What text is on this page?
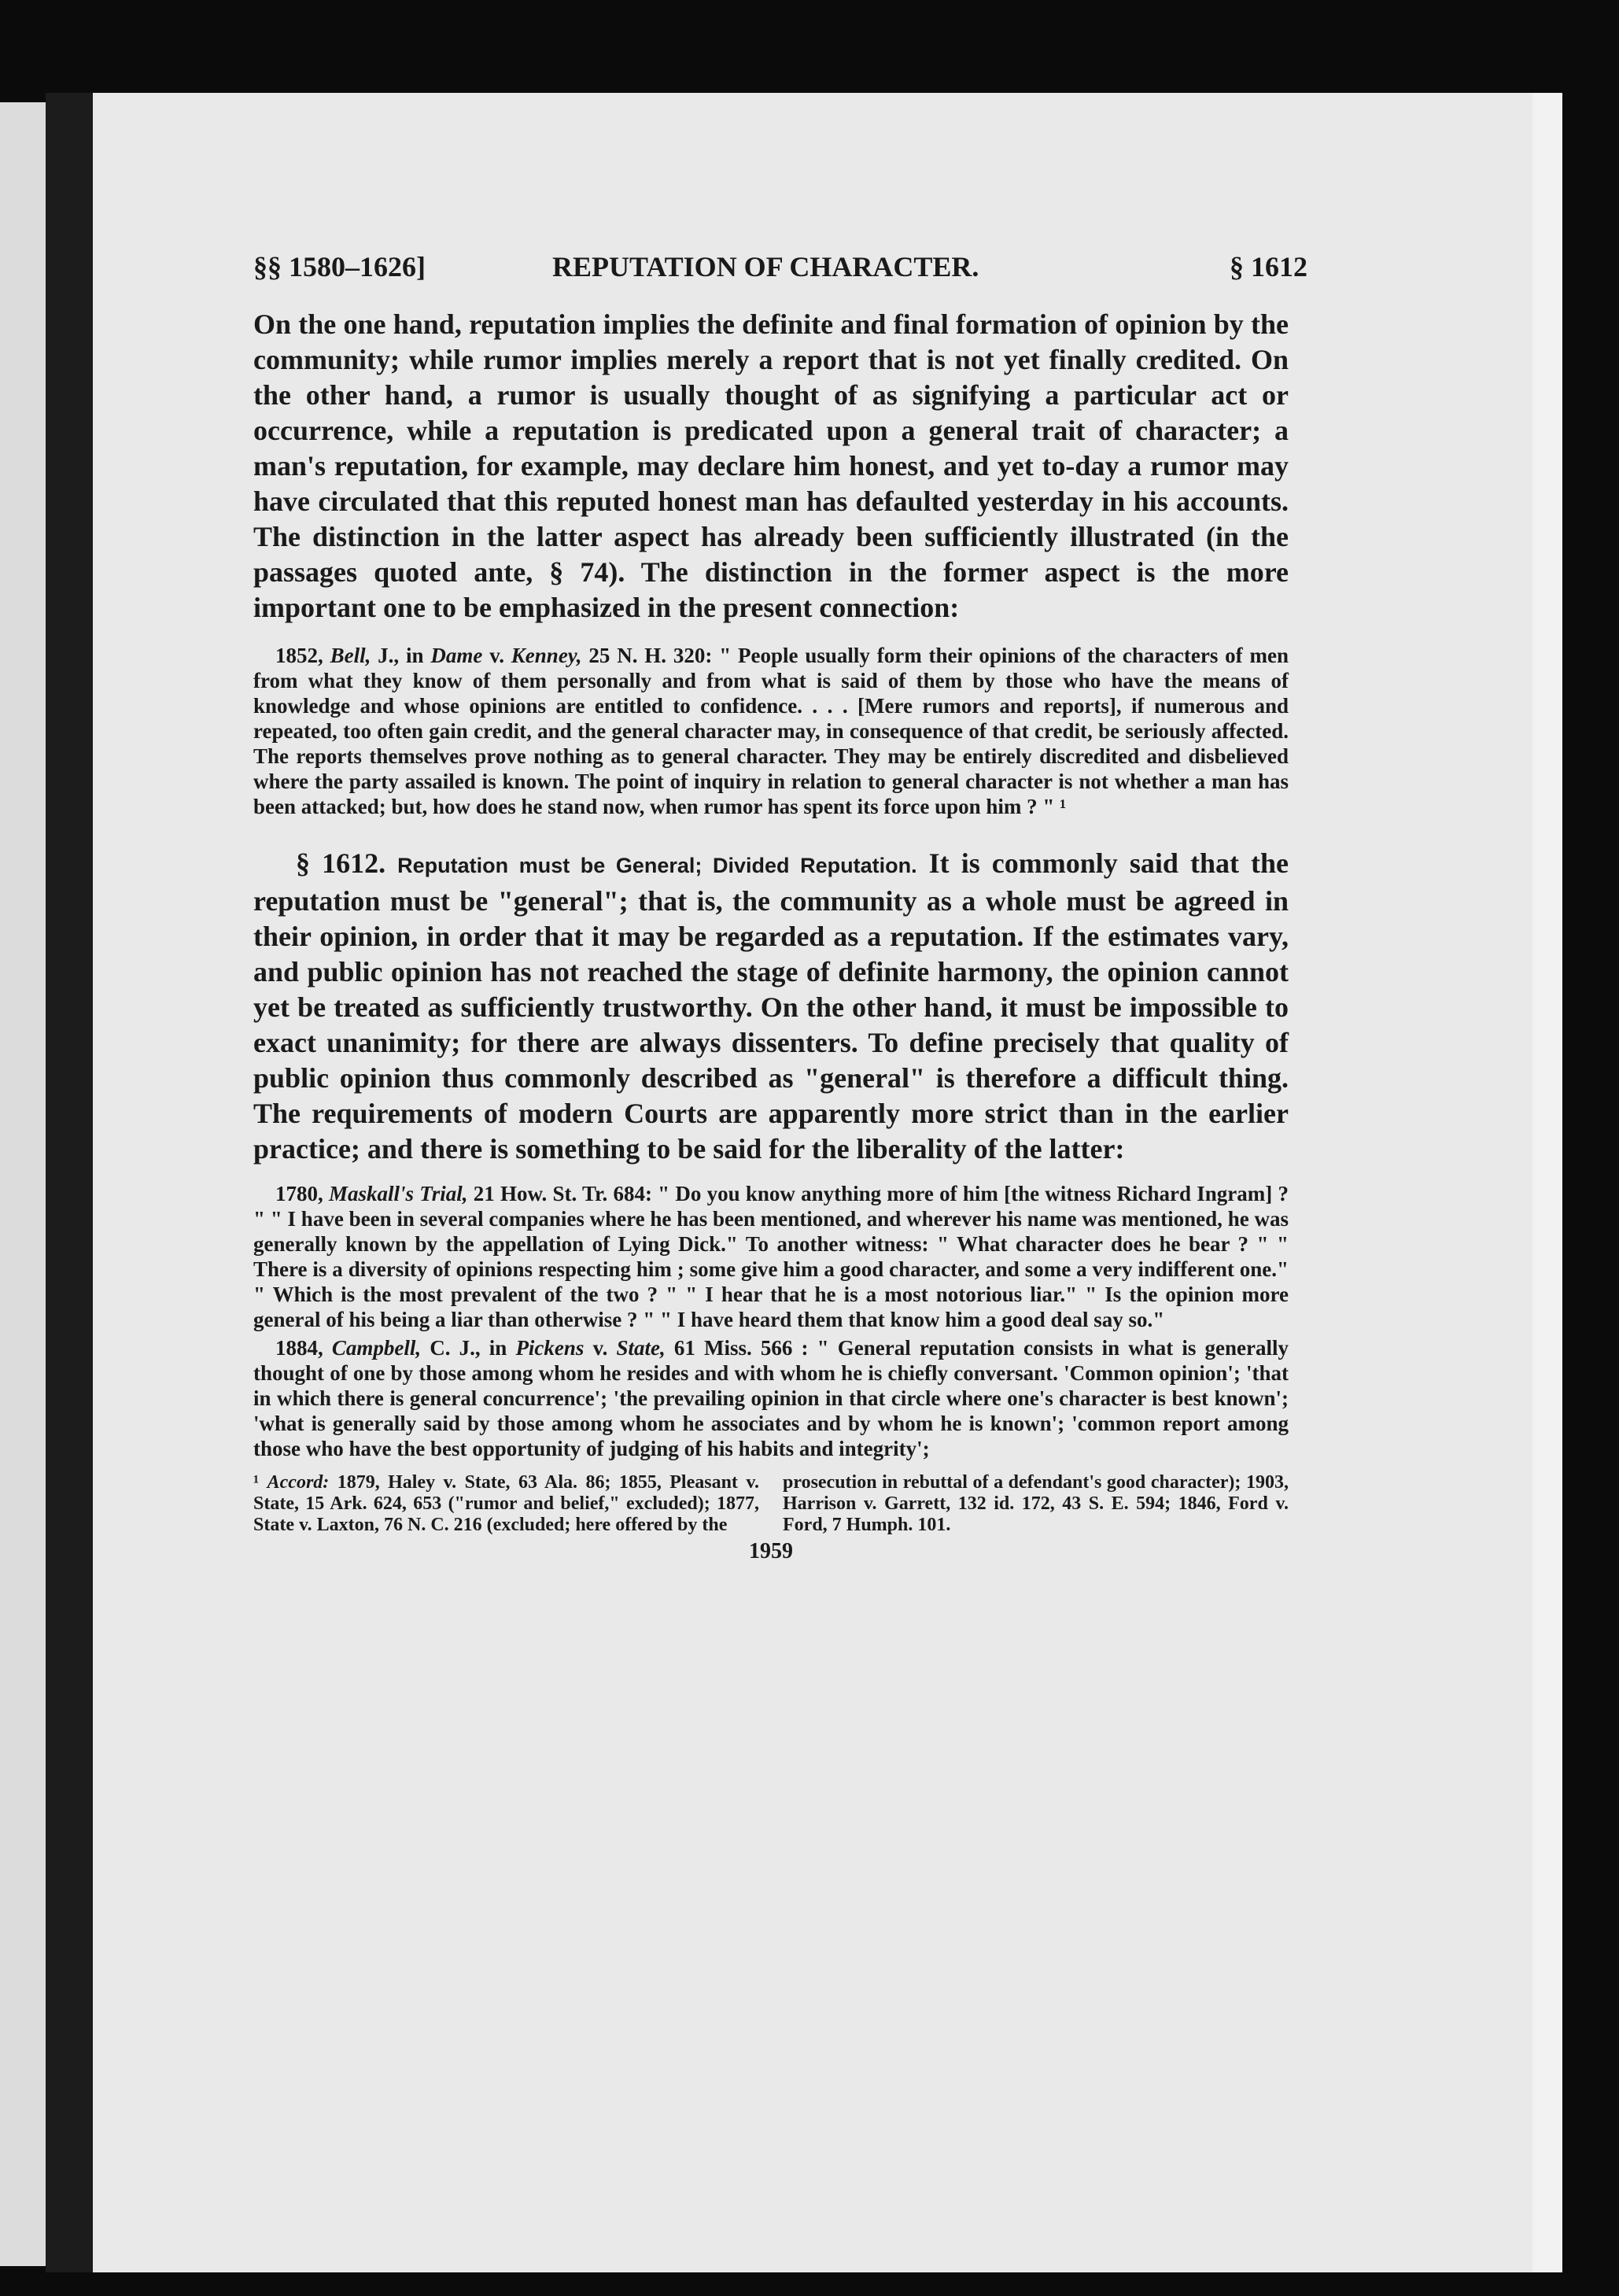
§§ 1580–1626]	REPUTATION OF CHARACTER.	§ 1612

On the one hand, reputation implies the definite and final formation of opinion by the community; while rumor implies merely a report that is not yet finally credited. On the other hand, a rumor is usually thought of as signifying a particular act or occurrence, while a reputation is predicated upon a general trait of character; a man's reputation, for example, may declare him honest, and yet to-day a rumor may have circulated that this reputed honest man has defaulted yesterday in his accounts. The distinction in the latter aspect has already been sufficiently illustrated (in the passages quoted ante, § 74). The distinction in the former aspect is the more important one to be emphasized in the present connection:

1852, Bell, J., in Dame v. Kenney, 25 N. H. 320: " People usually form their opinions of the characters of men from what they know of them personally and from what is said of them by those who have the means of knowledge and whose opinions are entitled to confidence. . . . [Mere rumors and reports], if numerous and repeated, too often gain credit, and the general character may, in consequence of that credit, be seriously affected. The reports themselves prove nothing as to general character. They may be entirely discredited and disbelieved where the party assailed is known. The point of inquiry in relation to general character is not whether a man has been attacked; but, how does he stand now, when rumor has spent its force upon him ? " ¹

§ 1612. Reputation must be General; Divided Reputation. It is commonly said that the reputation must be "general"; that is, the community as a whole must be agreed in their opinion, in order that it may be regarded as a reputation. If the estimates vary, and public opinion has not reached the stage of definite harmony, the opinion cannot yet be treated as sufficiently trustworthy. On the other hand, it must be impossible to exact unanimity; for there are always dissenters. To define precisely that quality of public opinion thus commonly described as "general" is therefore a difficult thing. The requirements of modern Courts are apparently more strict than in the earlier practice; and there is something to be said for the liberality of the latter:

1780, Maskall's Trial, 21 How. St. Tr. 684: " Do you know anything more of him [the witness Richard Ingram] ? " " I have been in several companies where he has been mentioned, and wherever his name was mentioned, he was generally known by the appellation of Lying Dick." To another witness: " What character does he bear ? " " There is a diversity of opinions respecting him ; some give him a good character, and some a very indifferent one." " Which is the most prevalent of the two ? " " I hear that he is a most notorious liar." " Is the opinion more general of his being a liar than otherwise ? " " I have heard them that know him a good deal say so."

1884, Campbell, C. J., in Pickens v. State, 61 Miss. 566 : " General reputation consists in what is generally thought of one by those among whom he resides and with whom he is chiefly conversant. 'Common opinion'; 'that in which there is general concurrence'; 'the prevailing opinion in that circle where one's character is best known'; 'what is generally said by those among whom he associates and by whom he is known'; 'common report among those who have the best opportunity of judging of his habits and integrity';

¹ Accord: 1879, Haley v. State, 63 Ala. 86; 1855, Pleasant v. State, 15 Ark. 624, 653 ("rumor and belief," excluded); 1877, State v. Laxton, 76 N. C. 216 (excluded; here offered by the

prosecution in rebuttal of a defendant's good character); 1903, Harrison v. Garrett, 132 id. 172, 43 S. E. 594; 1846, Ford v. Ford, 7 Humph. 101.

1959
